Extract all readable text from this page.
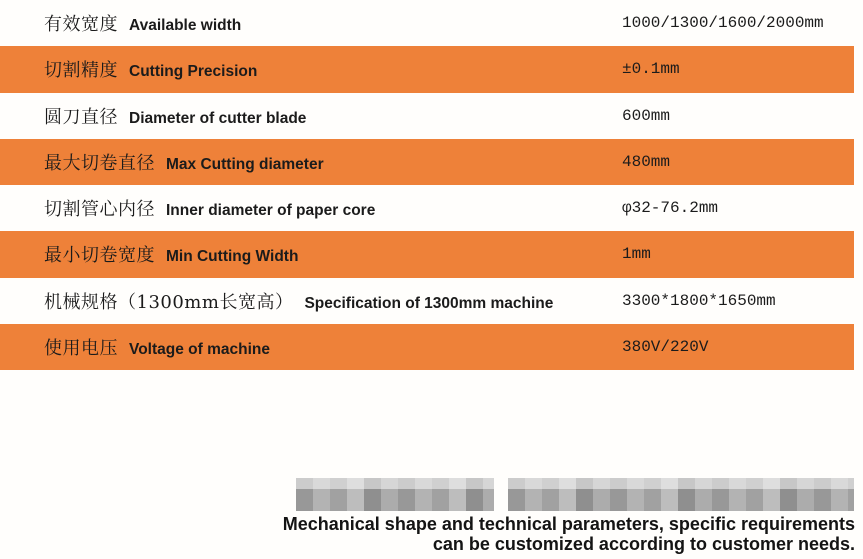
有效宽度 Available width	1000/1300/1600/2000mm
切割精度 Cutting Precision	±0.1mm
圆刀直径 Diameter of cutter blade	600mm
最大切卷直径 Max Cutting diameter	480mm
切割管心内径 Inner diameter of paper core	φ32-76.2mm
最小切卷宽度 Min Cutting Width	1mm
机械规格（1300mm长宽高） Specification of 1300mm machine	3300*1800*1650mm
使用电压 Voltage of machine	380V/220V
Mechanical shape and technical parameters, specific requirements
can be customized according to customer needs.
